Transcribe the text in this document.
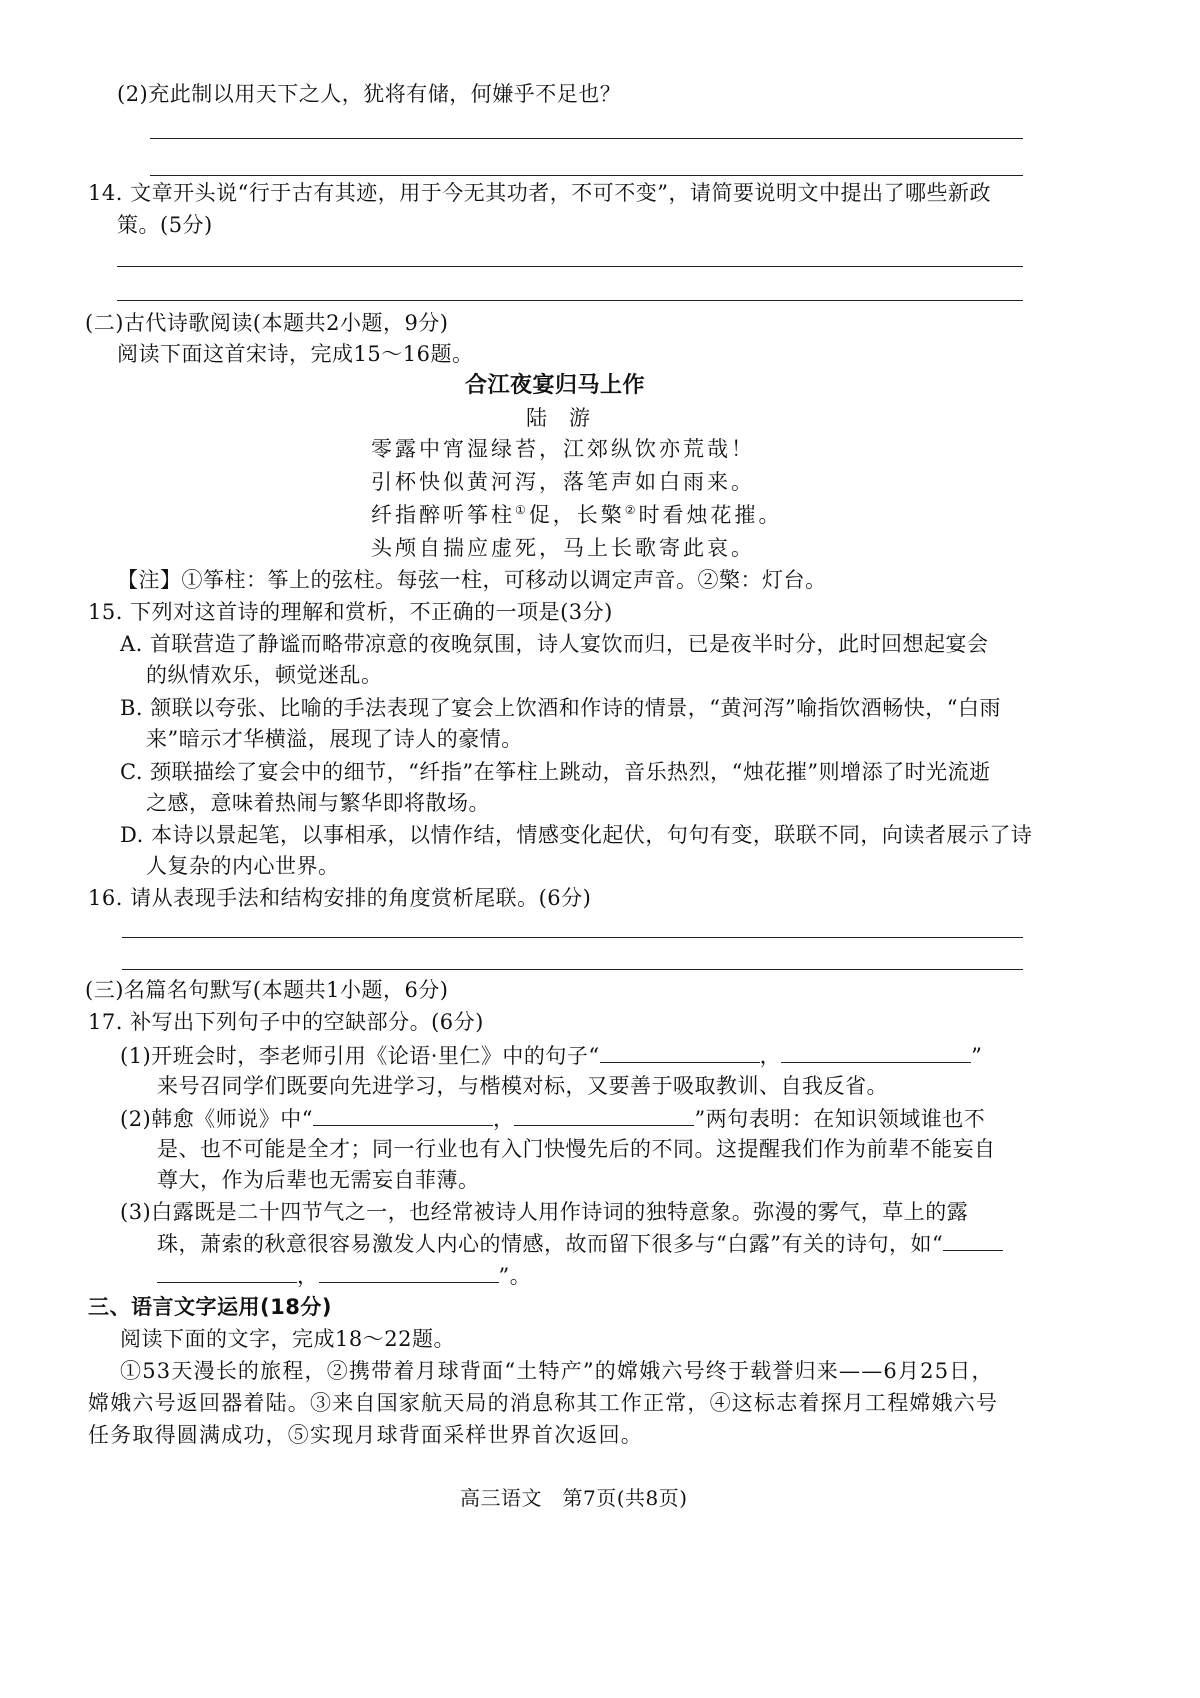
(2)充此制以用天下之人，犹将有储，何嫌乎不足也？
14. 文章开头说“行于古有其迹，用于今无其功者，不可不变”，请简要说明文中提出了哪些新政
策。(5分)
(二)古代诗歌阅读(本题共2小题，9分)
阅读下面这首宋诗，完成15～16题。
合江夜宴归马上作
陆　游
零露中宵湿绿苔，江郊纵饮亦荒哉！
引杯快似黄河泻，落笔声如白雨来。
纤指醉听筝柱①促，长檠②时看烛花摧。
头颅自揣应虚死，马上长歌寄此哀。
【注】①筝柱：筝上的弦柱。每弦一柱，可移动以调定声音。②檠：灯台。
15. 下列对这首诗的理解和赏析，不正确的一项是(3分)
A. 首联营造了静谧而略带凉意的夜晚氛围，诗人宴饮而归，已是夜半时分，此时回想起宴会
的纵情欢乐，顿觉迷乱。
B. 颔联以夸张、比喻的手法表现了宴会上饮酒和作诗的情景，“黄河泻”喻指饮酒畅快，“白雨
来”暗示才华横溢，展现了诗人的豪情。
C. 颈联描绘了宴会中的细节，“纤指”在筝柱上跳动，音乐热烈，“烛花摧”则增添了时光流逝
之感，意味着热闹与繁华即将散场。
D. 本诗以景起笔，以事相承，以情作结，情感变化起伏，句句有变，联联不同，向读者展示了诗
人复杂的内心世界。
16. 请从表现手法和结构安排的角度赏析尾联。(6分)
(三)名篇名句默写(本题共1小题，6分)
17. 补写出下列句子中的空缺部分。(6分)
(1)开班会时，李老师引用《论语·里仁》中的句子“	，	”
来号召同学们既要向先进学习，与楷模对标，又要善于吸取教训、自我反省。
(2)韩愈《师说》中“	，	”两句表明：在知识领域谁也不
是、也不可能是全才；同一行业也有入门快慢先后的不同。这提醒我们作为前辈不能妄自
尊大，作为后辈也无需妄自菲薄。
(3)白露既是二十四节气之一，也经常被诗人用作诗词的独特意象。弥漫的雾气，草上的露
珠，萧索的秋意很容易激发人内心的情感，故而留下很多与“白露”有关的诗句，如“
，	”。
三、语言文字运用(18分)
阅读下面的文字，完成18～22题。
①53天漫长的旅程，②携带着月球背面“土特产”的嫦娥六号终于载誉归来——6月25日，
嫦娥六号返回器着陆。③来自国家航天局的消息称其工作正常，④这标志着探月工程嫦娥六号
任务取得圆满成功，⑤实现月球背面采样世界首次返回。
高三语文　第7页(共8页)
